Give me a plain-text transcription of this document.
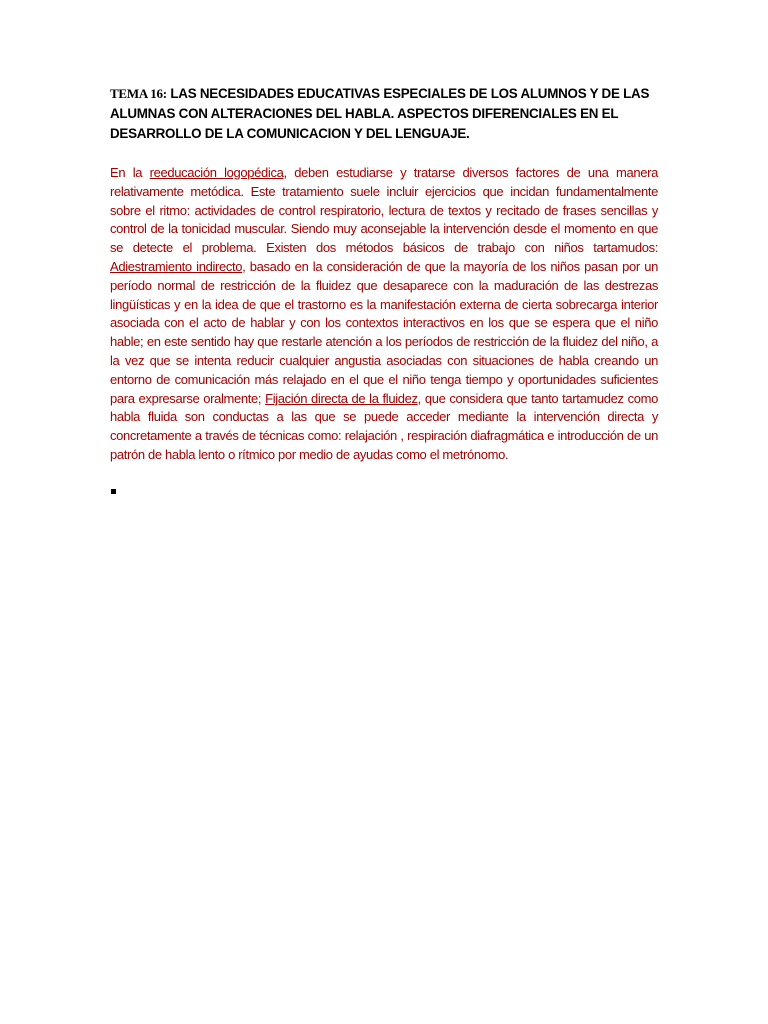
TEMA 16: LAS NECESIDADES EDUCATIVAS ESPECIALES DE LOS ALUMNOS Y DE LAS ALUMNAS CON ALTERACIONES DEL HABLA. ASPECTOS DIFERENCIALES EN EL DESARROLLO DE LA COMUNICACION Y DEL LENGUAJE.

En la reeducación logopédica, deben estudiarse y tratarse diversos factores de una manera relativamente metódica. Este tratamiento suele incluir ejercicios que incidan fundamentalmente sobre el ritmo: actividades de control respiratorio, lectura de textos y recitado de frases sencillas y control de la tonicidad muscular. Siendo muy aconsejable la intervención desde el momento en que se detecte el problema. Existen dos métodos básicos de trabajo con niños tartamudos: Adiestramiento indirecto, basado en la consideración de que la mayoría de los niños pasan por un período normal de restricción de la fluidez que desaparece con la maduración de las destrezas lingüísticas y en la idea de que el trastorno es la manifestación externa de cierta sobrecarga interior asociada con el acto de hablar y con los contextos interactivos en los que se espera que el niño hable; en este sentido hay que restarle atención a los períodos de restricción de la fluidez del niño, a la vez que se intenta reducir cualquier angustia asociadas con situaciones de habla creando un entorno de comunicación más relajado en el que el niño tenga tiempo y oportunidades suficientes para expresarse oralmente; Fijación directa de la fluidez, que considera que tanto tartamudez como habla fluida son conductas a las que se puede acceder mediante la intervención directa y concretamente a través de técnicas como: relajación , respiración diafragmática e introducción de un patrón de habla lento o rítmico por medio de ayudas como el metrónomo.
